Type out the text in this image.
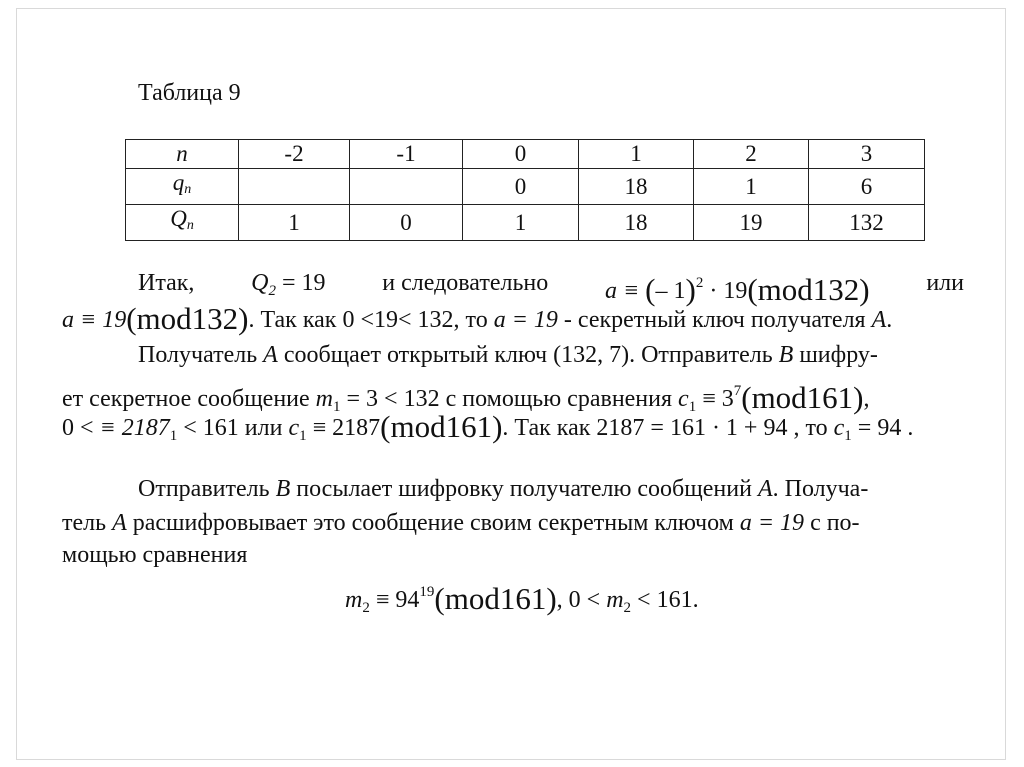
Таблица 9
n	-2	-1	0	1	2	3
$q_n$			0	18	1	6
$Q_n$	1	0	1	18	19	132
Итак, $Q_2 = 19$ и следовательно a ≡ (– 1)$^2$ · 19(mod132) или
a ≡ 19(mod132). Так как 0 <19< 132, то a = 19 - секретный ключ получателя A.
Получатель A сообщает открытый ключ (132, 7). Отправитель B шифру-
ет секретное сообщение $m_1 = 3 < 132$ с помощью сравнения $c_1 \equiv 3^7(mod161)$,
0 < ≡ $2187_1 < 161$ или $c_1 \equiv 2187(mod161)$. Так как 2187 = 161 · 1 + 94 , то $c_1 = 94$ .
Отправитель B посылает шифровку получателю сообщений A. Получа-
тель A расшифровывает это сообщение своим секретным ключом a = 19 с по-
мощью сравнения
$m_2 \equiv 94^{19}(mod161)$, $0 < m_2 < 161$.
